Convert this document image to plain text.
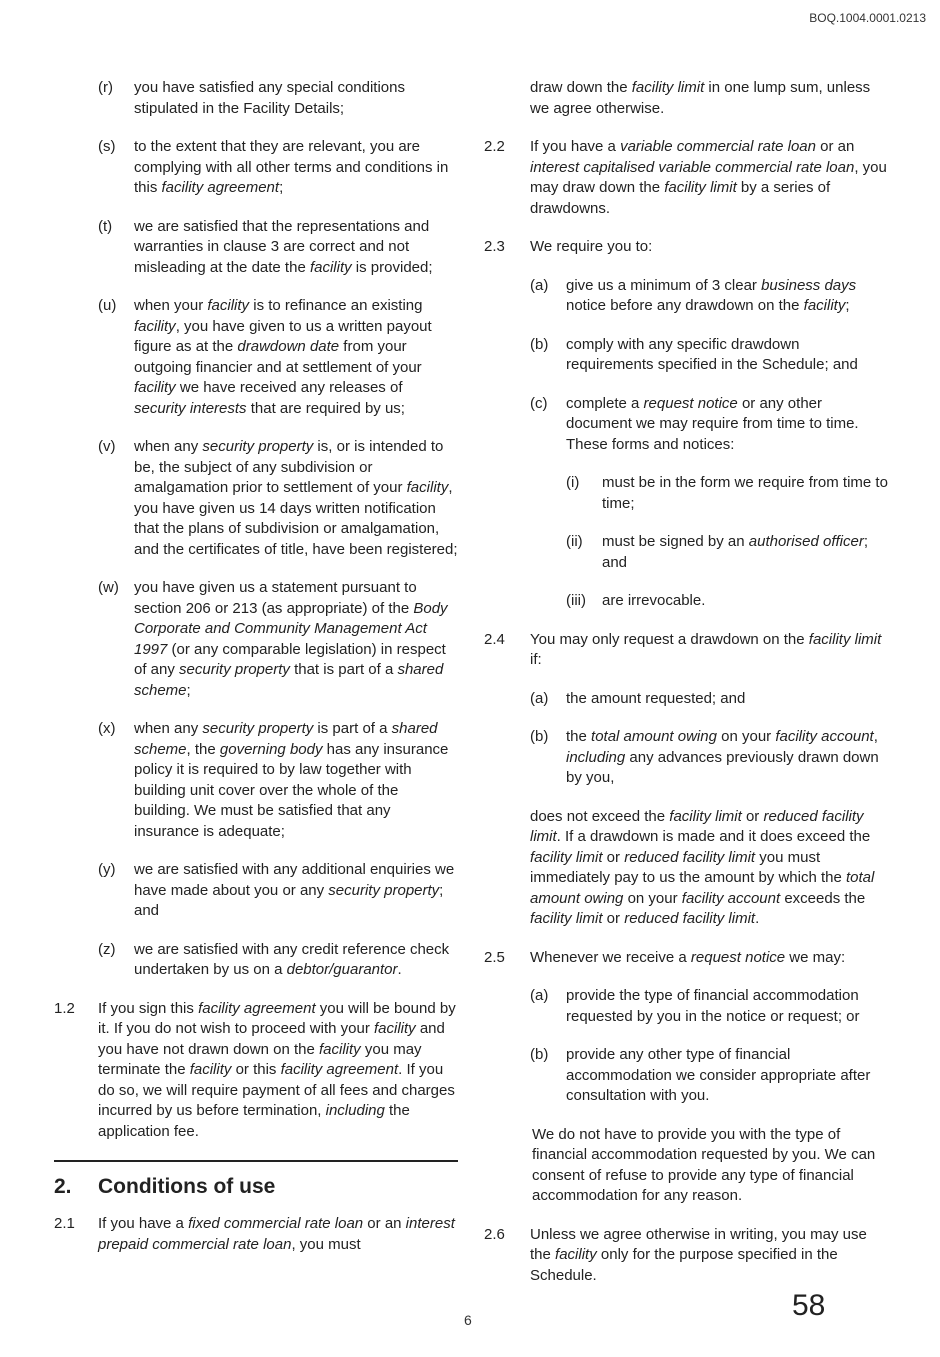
BOQ.1004.0001.0213
(r) you have satisfied any special conditions stipulated in the Facility Details;
(s) to the extent that they are relevant, you are complying with all other terms and conditions in this facility agreement;
(t) we are satisfied that the representations and warranties in clause 3 are correct and not misleading at the date the facility is provided;
(u) when your facility is to refinance an existing facility, you have given to us a written payout figure as at the drawdown date from your outgoing financier and at settlement of your facility we have received any releases of security interests that are required by us;
(v) when any security property is, or is intended to be, the subject of any subdivision or amalgamation prior to settlement of your facility, you have given us 14 days written notification that the plans of subdivision or amalgamation, and the certificates of title, have been registered;
(w) you have given us a statement pursuant to section 206 or 213 (as appropriate) of the Body Corporate and Community Management Act 1997 (or any comparable legislation) in respect of any security property that is part of a shared scheme;
(x) when any security property is part of a shared scheme, the governing body has any insurance policy it is required to by law together with building unit cover over the whole of the building. We must be satisfied that any insurance is adequate;
(y) we are satisfied with any additional enquiries we have made about you or any security property; and
(z) we are satisfied with any credit reference check undertaken by us on a debtor/guarantor.
1.2 If you sign this facility agreement you will be bound by it. If you do not wish to proceed with your facility and you have not drawn down on the facility you may terminate the facility or this facility agreement. If you do so, we will require payment of all fees and charges incurred by us before termination, including the application fee.
2. Conditions of use
2.1 If you have a fixed commercial rate loan or an interest prepaid commercial rate loan, you must
draw down the facility limit in one lump sum, unless we agree otherwise.
2.2 If you have a variable commercial rate loan or an interest capitalised variable commercial rate loan, you may draw down the facility limit by a series of drawdowns.
2.3 We require you to:
(a) give us a minimum of 3 clear business days notice before any drawdown on the facility;
(b) comply with any specific drawdown requirements specified in the Schedule; and
(c) complete a request notice or any other document we may require from time to time. These forms and notices:
(i) must be in the form we require from time to time;
(ii) must be signed by an authorised officer; and
(iii) are irrevocable.
2.4 You may only request a drawdown on the facility limit if:
(a) the amount requested; and
(b) the total amount owing on your facility account, including any advances previously drawn down by you,
does not exceed the facility limit or reduced facility limit. If a drawdown is made and it does exceed the facility limit or reduced facility limit you must immediately pay to us the amount by which the total amount owing on your facility account exceeds the facility limit or reduced facility limit.
2.5 Whenever we receive a request notice we may:
(a) provide the type of financial accommodation requested by you in the notice or request; or
(b) provide any other type of financial accommodation we consider appropriate after consultation with you.
We do not have to provide you with the type of financial accommodation requested by you. We can consent of refuse to provide any type of financial accommodation for any reason.
2.6 Unless we agree otherwise in writing, you may use the facility only for the purpose specified in the Schedule.
6	58
